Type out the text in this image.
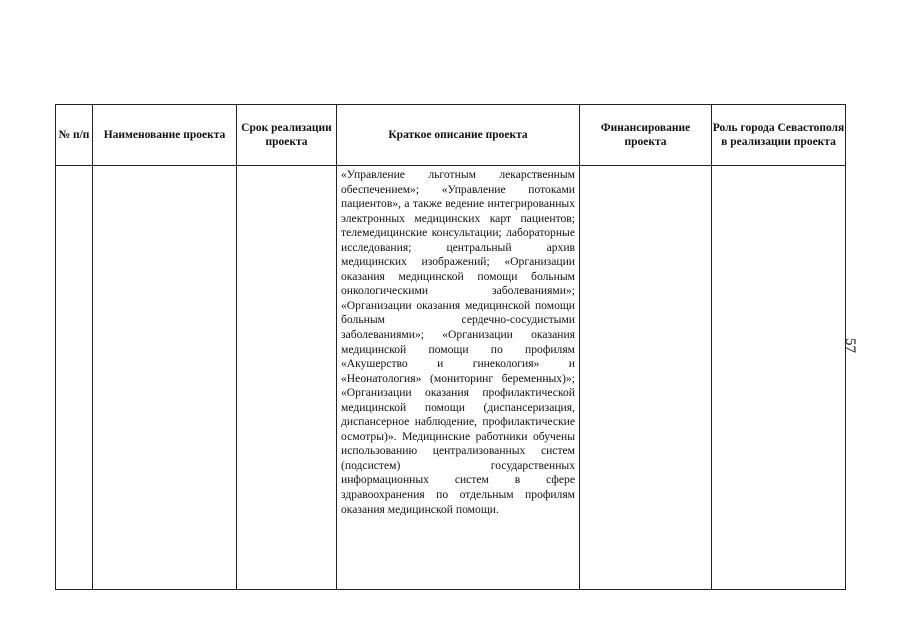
№ п/п	Наименование проекта	Срок реализации проекта	Краткое описание проекта	Финансирование проекта	Роль города Севастополя в реализации проекта
			«Управление льготным лекарственным обеспечением»; «Управление потоками пациентов», а также ведение интегрированных электронных медицинских карт пациентов; телемедицинские консультации; лабораторные исследования; центральный архив медицинских изображений; «Организации оказания медицинской помощи больным онкологическими заболеваниями»; «Организации оказания медицинской помощи больным сердечно-сосудистыми заболеваниями»; «Организации оказания медицинской помощи по профилям «Акушерство и гинекология» и «Неонатология» (мониторинг беременных)»; «Организации оказания профилактической медицинской помощи (диспансеризация, диспансерное наблюдение, профилактические осмотры)». Медицинские работники обучены использованию централизованных систем (подсистем) государственных информационных систем в сфере здравоохранения по отдельным профилям оказания медицинской помощи.		
57
